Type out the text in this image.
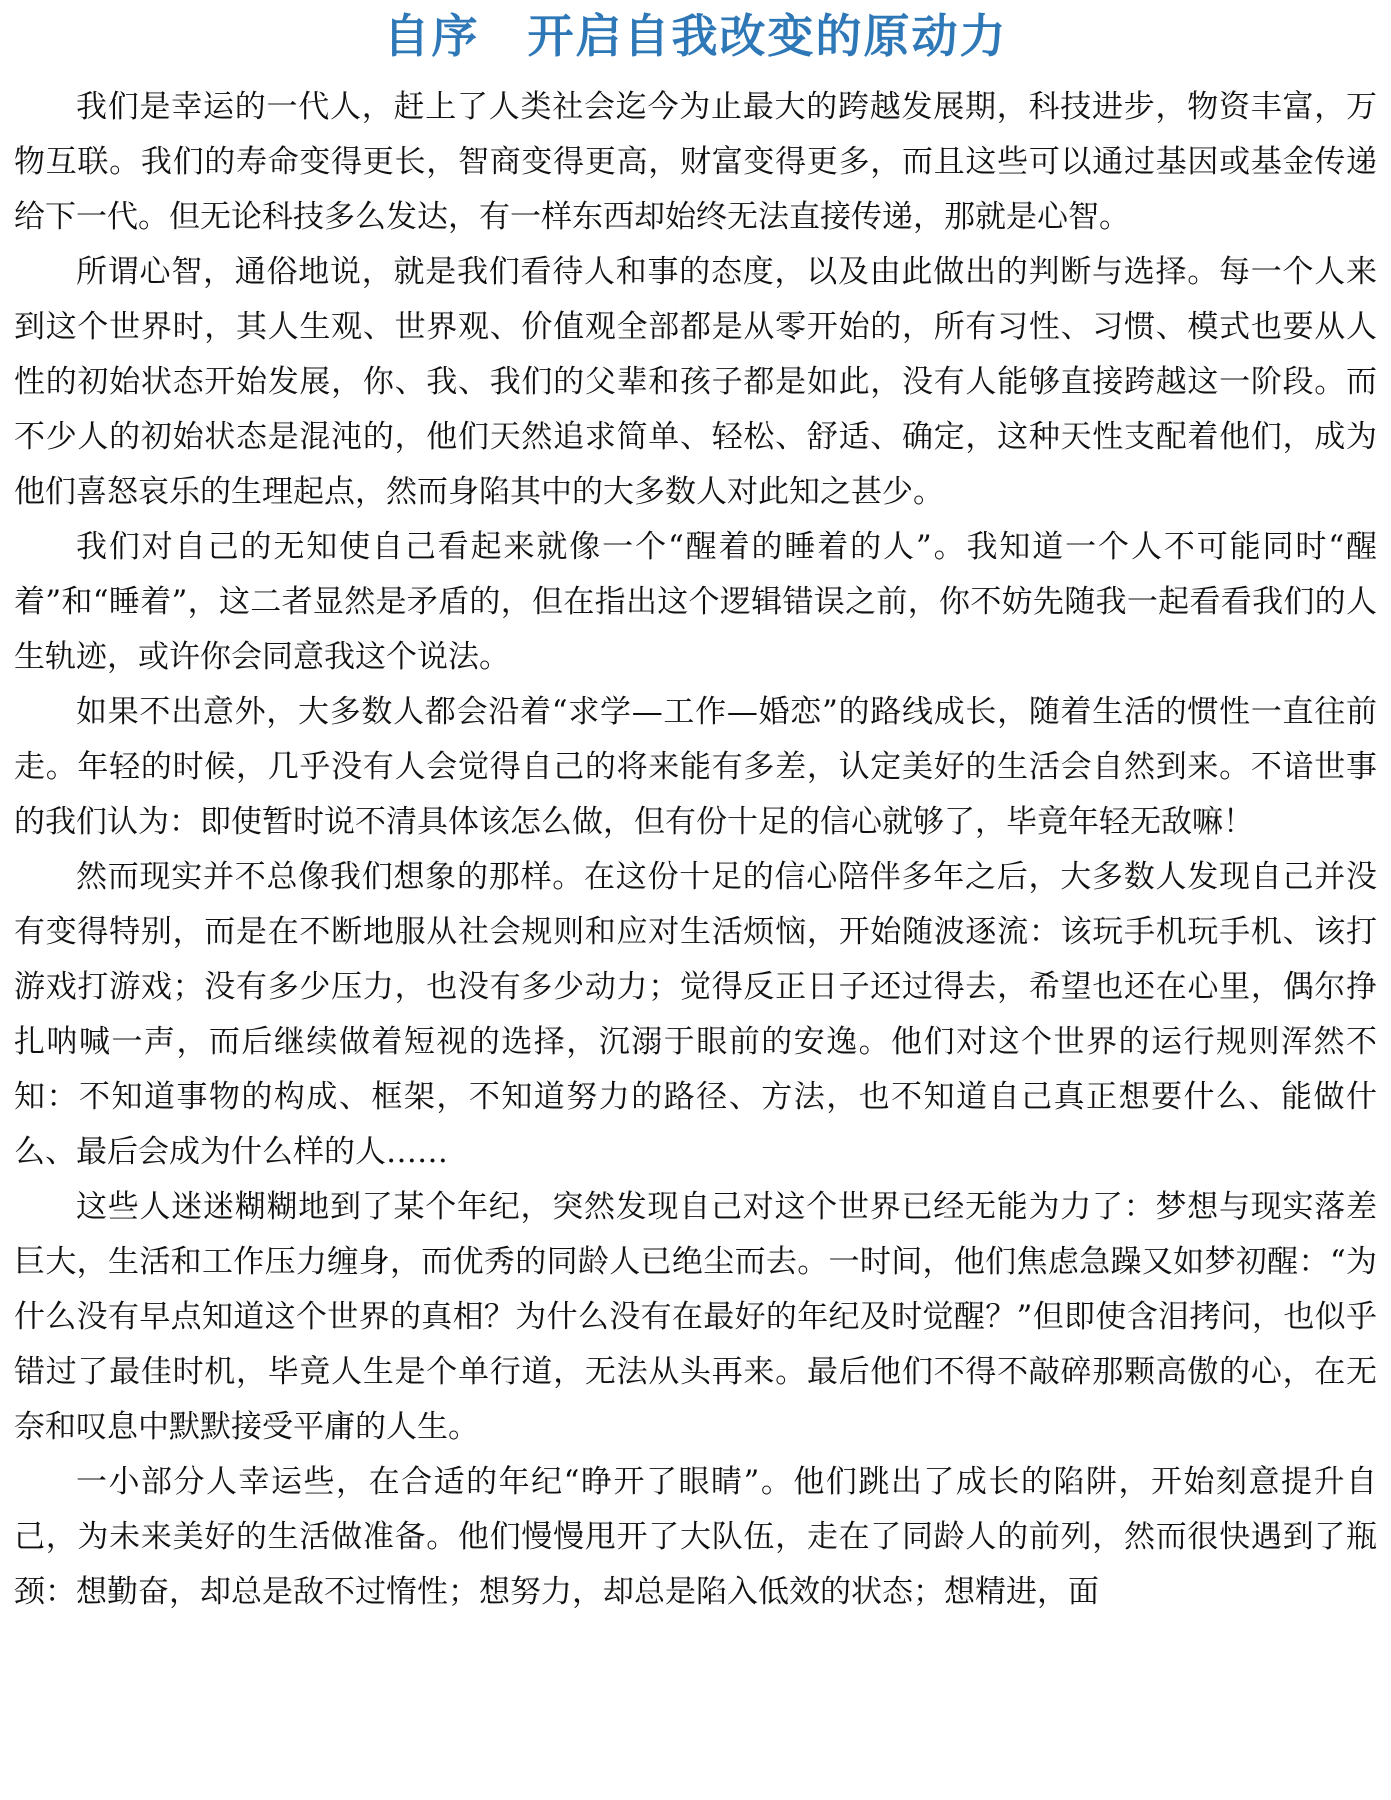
自序　开启自我改变的原动力

我们是幸运的一代人，赶上了人类社会迄今为止最大的跨越发展期，科技进步，物资丰富，万物互联。我们的寿命变得更长，智商变得更高，财富变得更多，而且这些可以通过基因或基金传递给下一代。但无论科技多么发达，有一样东西却始终无法直接传递，那就是心智。

所谓心智，通俗地说，就是我们看待人和事的态度，以及由此做出的判断与选择。每一个人来到这个世界时，其人生观、世界观、价值观全部都是从零开始的，所有习性、习惯、模式也要从人性的初始状态开始发展，你、我、我们的父辈和孩子都是如此，没有人能够直接跨越这一阶段。而不少人的初始状态是混沌的，他们天然追求简单、轻松、舒适、确定，这种天性支配着他们，成为他们喜怒哀乐的生理起点，然而身陷其中的大多数人对此知之甚少。

我们对自己的无知使自己看起来就像一个“醒着的睡着的人”。我知道一个人不可能同时“醒着”和“睡着”，这二者显然是矛盾的，但在指出这个逻辑错误之前，你不妨先随我一起看看我们的人生轨迹，或许你会同意我这个说法。

如果不出意外，大多数人都会沿着“求学—工作—婚恋”的路线成长，随着生活的惯性一直往前走。年轻的时候，几乎没有人会觉得自己的将来能有多差，认定美好的生活会自然到来。不谙世事的我们认为：即使暂时说不清具体该怎么做，但有份十足的信心就够了，毕竟年轻无敌嘛！

然而现实并不总像我们想象的那样。在这份十足的信心陪伴多年之后，大多数人发现自己并没有变得特别，而是在不断地服从社会规则和应对生活烦恼，开始随波逐流：该玩手机玩手机、该打游戏打游戏；没有多少压力，也没有多少动力；觉得反正日子还过得去，希望也还在心里，偶尔挣扎呐喊一声，而后继续做着短视的选择，沉溺于眼前的安逸。他们对这个世界的运行规则浑然不知：不知道事物的构成、框架，不知道努力的路径、方法，也不知道自己真正想要什么、能做什么、最后会成为什么样的人……

这些人迷迷糊糊地到了某个年纪，突然发现自己对这个世界已经无能为力了：梦想与现实落差巨大，生活和工作压力缠身，而优秀的同龄人已绝尘而去。一时间，他们焦虑急躁又如梦初醒：“为什么没有早点知道这个世界的真相？为什么没有在最好的年纪及时觉醒？”但即使含泪拷问，也似乎错过了最佳时机，毕竟人生是个单行道，无法从头再来。最后他们不得不敲碎那颗高傲的心，在无奈和叹息中默默接受平庸的人生。

一小部分人幸运些，在合适的年纪“睁开了眼睛”。他们跳出了成长的陷阱，开始刻意提升自己，为未来美好的生活做准备。他们慢慢甩开了大队伍，走在了同龄人的前列，然而很快遇到了瓶颈：想勤奋，却总是敌不过惰性；想努力，却总是陷入低效的状态；想精进，面
